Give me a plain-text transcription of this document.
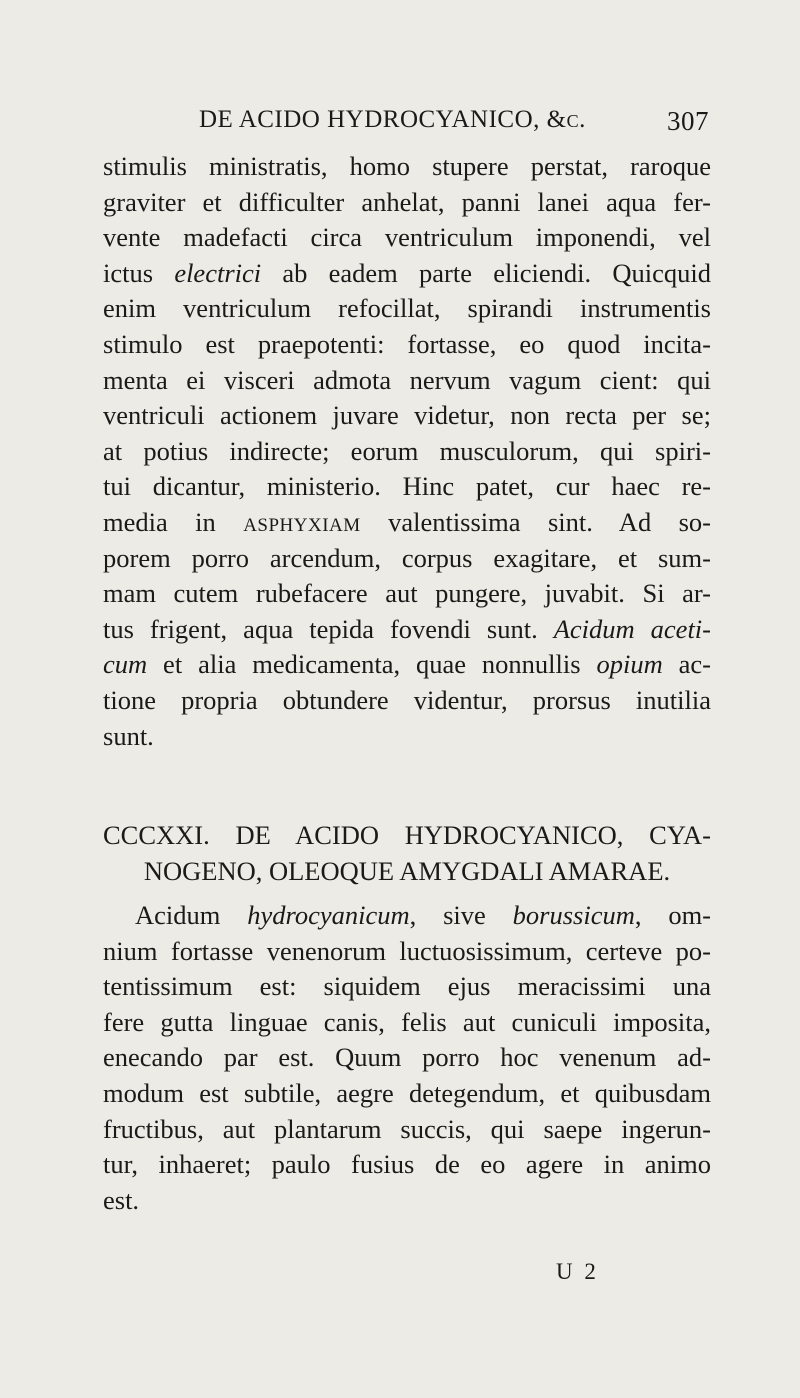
DE ACIDO HYDROCYANICO, &c.	307
stimulis ministratis, homo stupere perstat, raroque
graviter et difficulter anhelat, panni lanei aqua fer-
vente madefacti circa ventriculum imponendi, vel
ictus electrici ab eadem parte eliciendi. Quicquid
enim ventriculum refocillat, spirandi instrumentis
stimulo est praepotenti: fortasse, eo quod incita-
menta ei visceri admota nervum vagum cient: qui
ventriculi actionem juvare videtur, non recta per se;
at potius indirecte; eorum musculorum, qui spiri-
tui dicantur, ministerio. Hinc patet, cur haec re-
media in asphyxiam valentissima sint. Ad so-
porem porro arcendum, corpus exagitare, et sum-
mam cutem rubefacere aut pungere, juvabit. Si ar-
tus frigent, aqua tepida fovendi sunt. Acidum aceti-
cum et alia medicamenta, quae nonnullis opium ac-
tione propria obtundere videntur, prorsus inutilia
sunt.
CCCXXI. DE ACIDO HYDROCYANICO, CYA-
NOGENO, OLEOQUE AMYGDALI AMARAE.
Acidum hydrocyanicum, sive borussicum, om-
nium fortasse venenorum luctuosissimum, certeve po-
tentissimum est: siquidem ejus meracissimi una
fere gutta linguae canis, felis aut cuniculi imposita,
enecando par est. Quum porro hoc venenum ad-
modum est subtile, aegre detegendum, et quibusdam
fructibus, aut plantarum succis, qui saepe ingerun-
tur, inhaeret; paulo fusius de eo agere in animo
est.
U 2
